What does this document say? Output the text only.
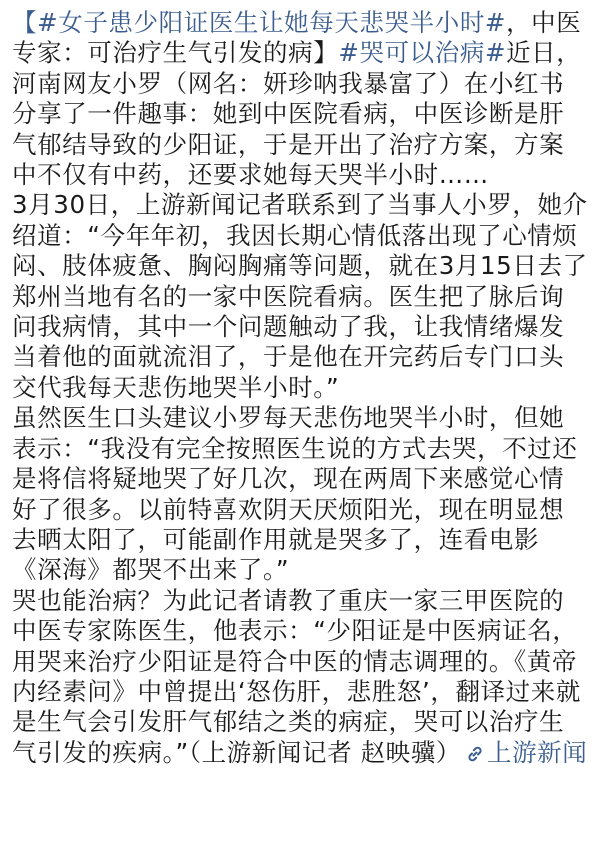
【#女子患少阳证医生让她每天悲哭半小时#，中医专家：可治疗生气引发的病】#哭可以治病#近日，河南网友小罗（网名：妍珍呐我暴富了）在小红书分享了一件趣事：她到中医院看病，中医诊断是肝气郁结导致的少阳证，于是开出了治疗方案，方案中不仅有中药，还要求她每天哭半小时……

3月30日，上游新闻记者联系到了当事人小罗，她介绍道：“今年年初，我因长期心情低落出现了心情烦闷、肢体疲惫、胸闷胸痛等问题，就在3月15日去了郑州当地有名的一家中医院看病。医生把了脉后询问我病情，其中一个问题触动了我，让我情绪爆发当着他的面就流泪了，于是他在开完药后专门口头交代我每天悲伤地哭半小时。”

虽然医生口头建议小罗每天悲伤地哭半小时，但她表示：“我没有完全按照医生说的方式去哭，不过还是将信将疑地哭了好几次，现在两周下来感觉心情好了很多。以前特喜欢阴天厌烦阳光，现在明显想去晒太阳了，可能副作用就是哭多了，连看电影《深海》都哭不出来了。”

哭也能治病？为此记者请教了重庆一家三甲医院的中医专家陈医生，他表示：“少阳证是中医病证名，用哭来治疗少阳证是符合中医的情志调理的。《黄帝内经素问》中曾提出‘怒伤肝，悲胜怒’，翻译过来就是生气会引发肝气郁结之类的病症，哭可以治疗生气引发的疾病。”（上游新闻记者 赵映骥） 上游新闻
